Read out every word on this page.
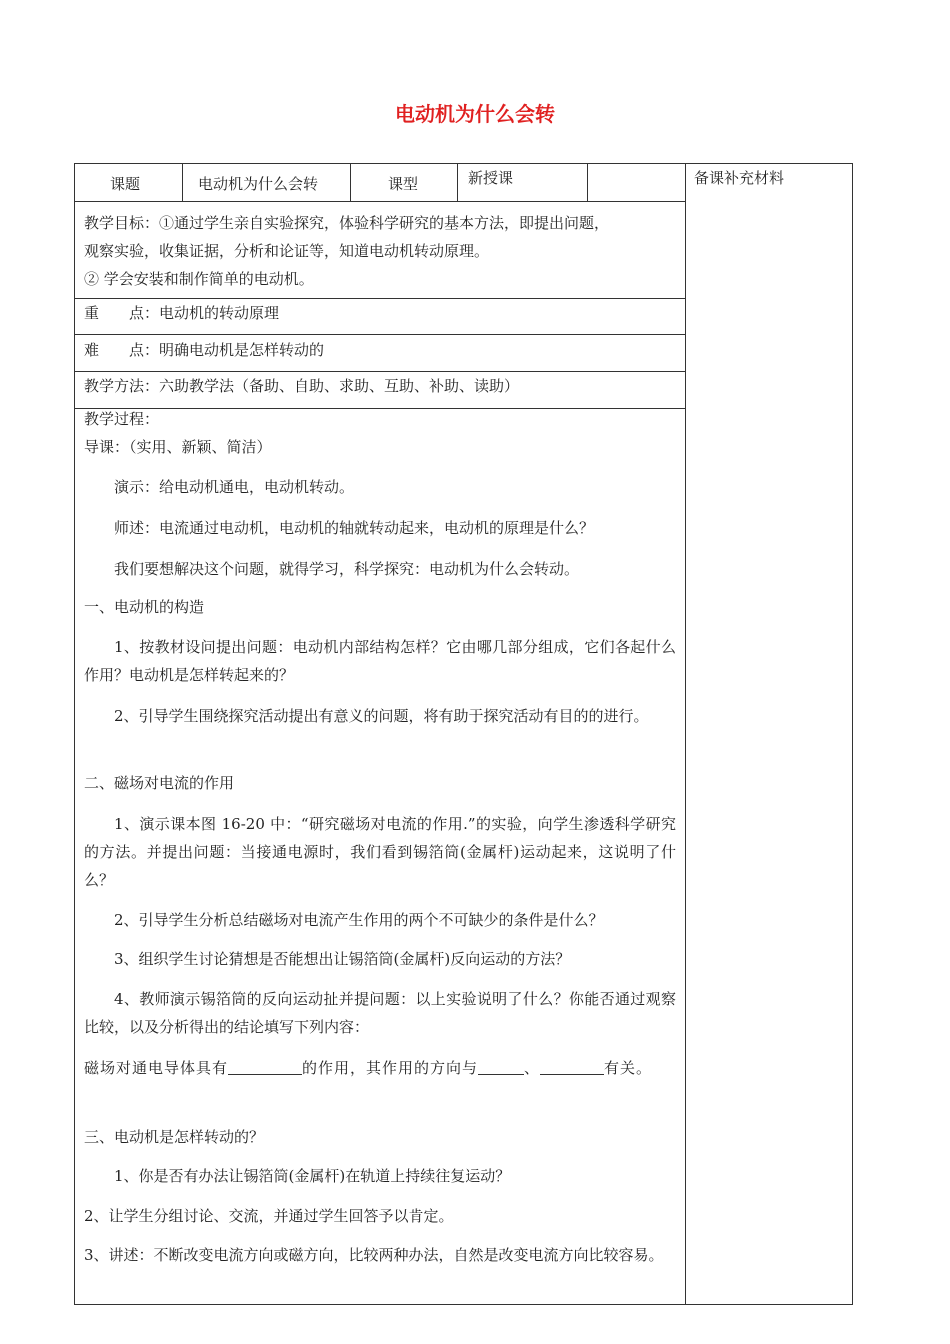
电动机为什么会转
课题	电动机为什么会转	课型	新授课	备课补充材料
教学目标：①通过学生亲自实验探究，体验科学研究的基本方法，即提出问题，
观察实验，收集证据，分析和论证等，知道电动机转动原理。
② 学会安装和制作简单的电动机。
重　　点：电动机的转动原理
难　　点：明确电动机是怎样转动的
教学方法：六助教学法（备助、自助、求助、互助、补助、读助）
教学过程：
导课：（实用、新颖、简洁）
演示：给电动机通电，电动机转动。
师述：电流通过电动机，电动机的轴就转动起来，电动机的原理是什么？
我们要想解决这个问题，就得学习，科学探究：电动机为什么会转动。
一、电动机的构造
1、按教材设问提出问题：电动机内部结构怎样？它由哪几部分组成，它们各起什么作用？电动机是怎样转起来的？
2、引导学生围绕探究活动提出有意义的问题，将有助于探究活动有目的的进行。
二、磁场对电流的作用
1、演示课本图 16-20 中：“研究磁场对电流的作用.”的实验，向学生渗透科学研究的方法。并提出问题：当接通电源时，我们看到锡箔筒(金属杆)运动起来，这说明了什么？
2、引导学生分析总结磁场对电流产生作用的两个不可缺少的条件是什么？
3、组织学生讨论猜想是否能想出让锡箔筒(金属杆)反向运动的方法？
4、教师演示锡箔筒的反向运动扯并提问题：以上实验说明了什么？你能否通过观察比较，以及分析得出的结论填写下列内容：
磁场对通电导体具有	的作用，其作用的方向与	、	有关。
三、电动机是怎样转动的？
1、你是否有办法让锡箔筒(金属杆)在轨道上持续往复运动？
2、让学生分组讨论、交流，并通过学生回答予以肯定。
3、讲述：不断改变电流方向或磁方向，比较两种办法，自然是改变电流方向比较容易。
